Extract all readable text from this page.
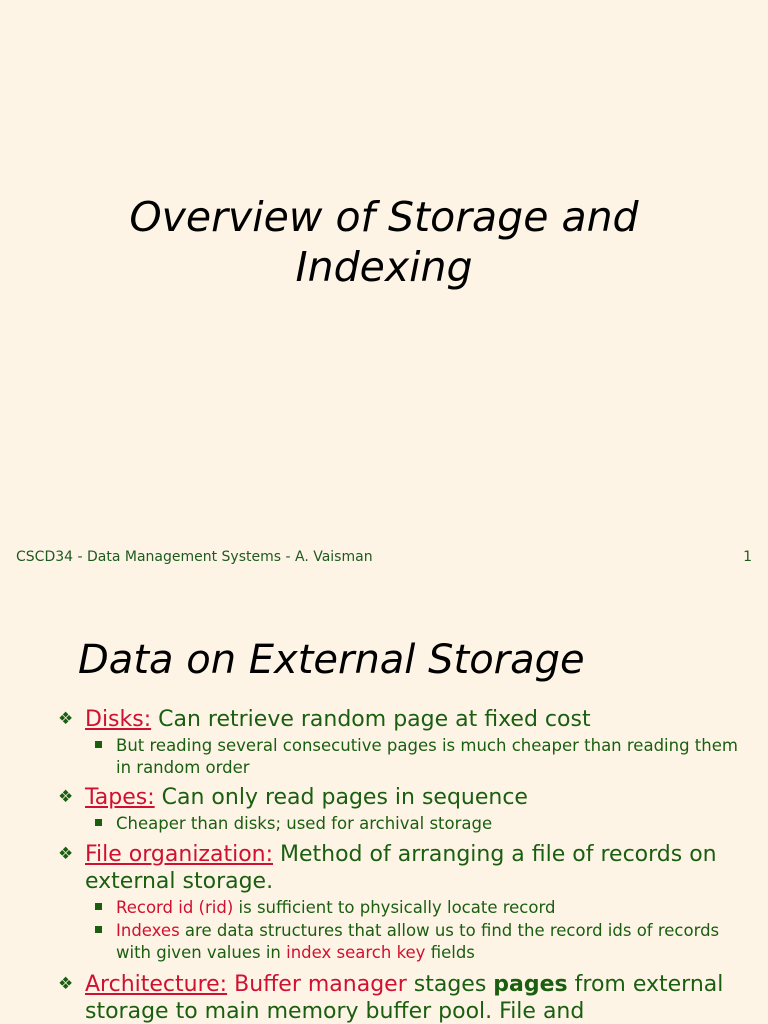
Overview of Storage and
Indexing
CSCD34 - Data Management Systems - A. Vaisman	1
Data on External Storage
❖ Disks: Can retrieve random page at fixed cost
But reading several consecutive pages is much cheaper than reading them in random order
❖ Tapes: Can only read pages in sequence
Cheaper than disks; used for archival storage
❖ File organization: Method of arranging a file of records on external storage.
Record id (rid) is sufficient to physically locate record
Indexes are data structures that allow us to find the record ids of records with given values in index search key fields
❖ Architecture: Buffer manager stages pages from external storage to main memory buffer pool. File and
